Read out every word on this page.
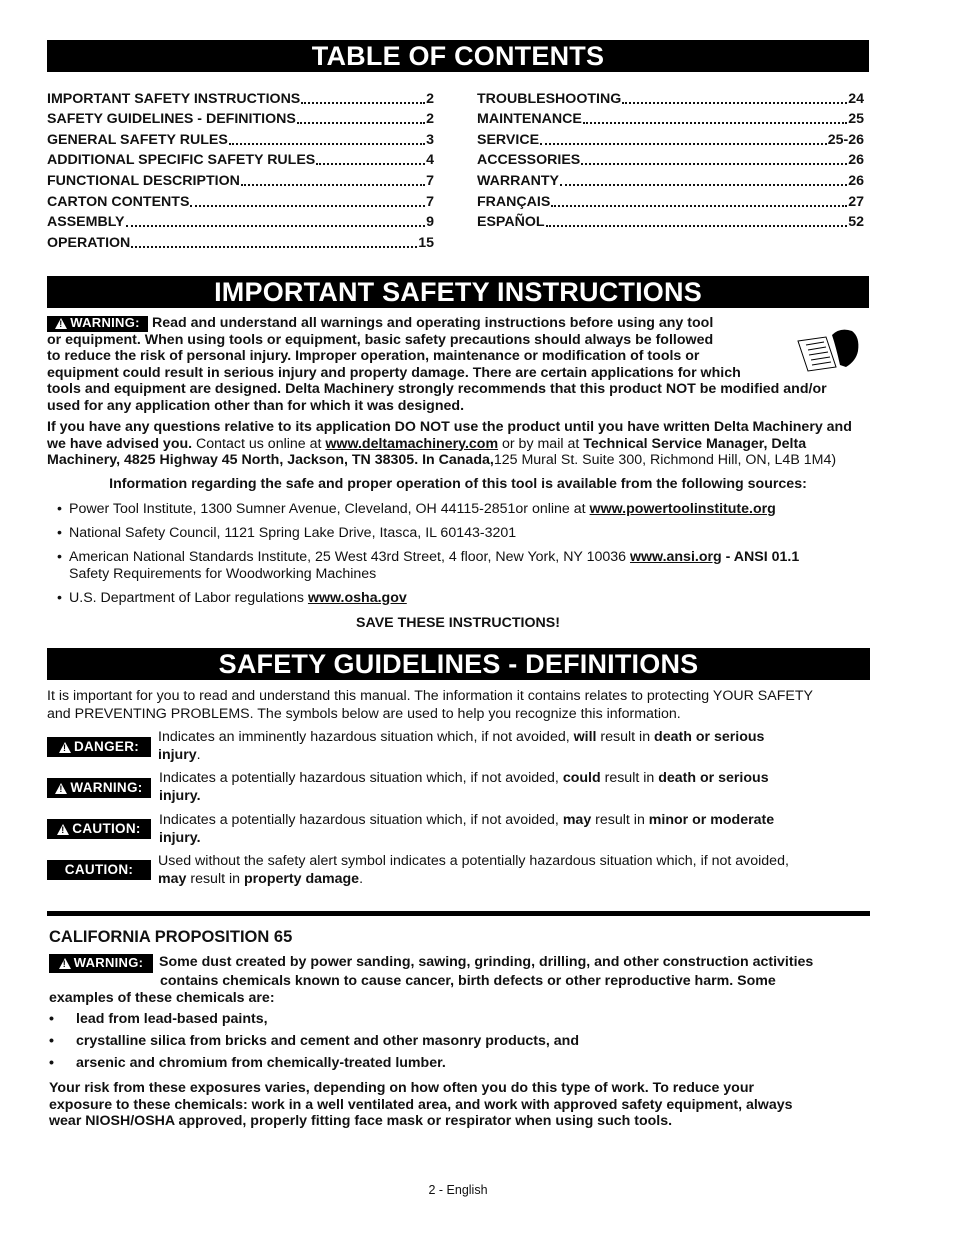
TABLE OF CONTENTS
IMPORTANT SAFETY INSTRUCTIONS	2
SAFETY GUIDELINES - DEFINITIONS	2
GENERAL SAFETY RULES	3
ADDITIONAL SPECIFIC SAFETY RULES	4
FUNCTIONAL DESCRIPTION	7
CARTON CONTENTS	7
ASSEMBLY	9
OPERATION	15
TROUBLESHOOTING	24
MAINTENANCE	25
SERVICE	25-26
ACCESSORIES	26
WARRANTY	26
FRANÇAIS	27
ESPAÑOL	52
IMPORTANT SAFETY INSTRUCTIONS
!
WARNING: Read and understand all warnings and operating instructions before using any tool
or equipment. When using tools or equipment, basic safety precautions should always be followed
to reduce the risk of personal injury. Improper operation, maintenance or modification of tools or
equipment could result in serious injury and property damage. There are certain applications for which
tools and equipment are designed. Delta Machinery strongly recommends that this product NOT be modified and/or
used for any application other than for which it was designed.
If you have any questions relative to its application DO NOT use the product until you have written Delta Machinery and
we have advised you. Contact us online at www.deltamachinery.com or by mail at Technical Service Manager, Delta
Machinery, 4825 Highway 45 North, Jackson, TN 38305. In Canada,125 Mural St. Suite 300, Richmond Hill, ON, L4B 1M4)
Information regarding the safe and proper operation of this tool is available from the following sources:
• Power Tool Institute, 1300 Sumner Avenue, Cleveland, OH 44115-2851or online at www.powertoolinstitute.org
• National Safety Council, 1121 Spring Lake Drive, Itasca, IL 60143-3201
• American National Standards Institute, 25 West 43rd Street, 4 floor, New York, NY 10036 www.ansi.org - ANSI 01.1
Safety Requirements for Woodworking Machines
• U.S. Department of Labor regulations www.osha.gov
SAVE THESE INSTRUCTIONS!
SAFETY GUIDELINES - DEFINITIONS
It is important for you to read and understand this manual. The information it contains relates to protecting YOUR SAFETY
and PREVENTING PROBLEMS. The symbols below are used to help you recognize this information.
!
DANGER:
Indicates an imminently hazardous situation which, if not avoided, will result in death or serious
injury.
!
WARNING:
Indicates a potentially hazardous situation which, if not avoided, could result in death or serious
injury.
!
CAUTION:
Indicates a potentially hazardous situation which, if not avoided, may result in minor or moderate
injury.
CAUTION:
Used without the safety alert symbol indicates a potentially hazardous situation which, if not avoided,
may result in property damage.
CALIFORNIA PROPOSITION 65
!
WARNING: Some dust created by power sanding, sawing, grinding, drilling, and other construction activities

contains chemicals known to cause cancer, birth defects or other reproductive harm. Some
examples of these chemicals are:
• lead from lead-based paints,
• crystalline silica from bricks and cement and other masonry products, and
• arsenic and chromium from chemically-treated lumber.
Your risk from these exposures varies, depending on how often you do this type of work. To reduce your
exposure to these chemicals: work in a well ventilated area, and work with approved safety equipment, always
wear NIOSH/OSHA approved, properly fitting face mask or respirator when using such tools.
2 - English
